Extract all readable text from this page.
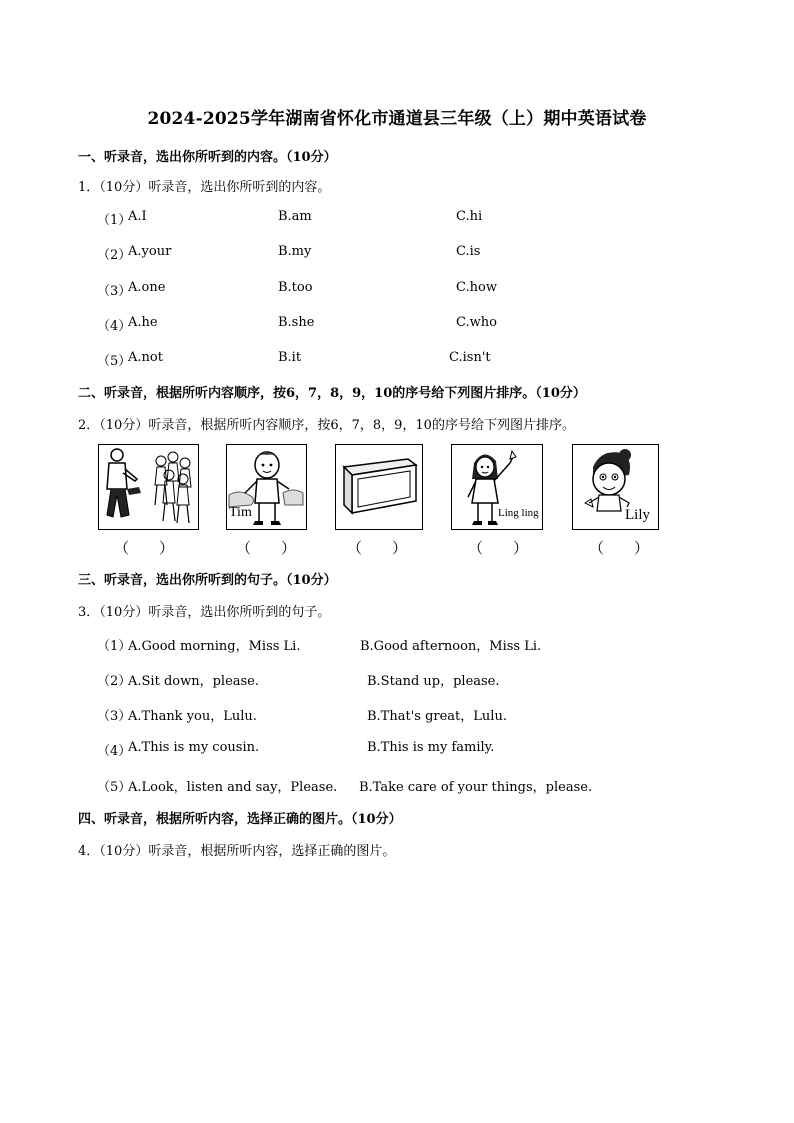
2024-2025学年湖南省怀化市通道县三年级（上）期中英语试卷
一、听录音，选出你所听到的内容。（10分）
1．（10分）听录音，选出你所听到的内容。
（1）
A.I	B.am	C.hi
（2）
A.your	B.my	C.is
（3）
A.one	B.too	C.how
（4）
A.he	B.she	C.who
（5）
A.not	B.it	C.isn't
二、听录音，根据所听内容顺序，按6，7，8，9，10的序号给下列图片排序。（10分）
2．（10分）听录音，根据所听内容顺序，按6，7，8，9，10的序号给下列图片排序。
Tim	Ling ling	Lily
（　　）	（　　）	（　　）	（　　）	（　　）
三、听录音，选出你所听到的句子。（10分）
3．（10分）听录音，选出你所听到的句子。
（1）
A.Good morning，Miss Li.	B.Good afternoon，Miss Li.
（2）
A.Sit down，please.	B.Stand up，please.
（3）
A.Thank you，Lulu.	B.That's great，Lulu.
（4）
A.This is my cousin.	B.This is my family.
（5）
A.Look，listen and say，Please. B.Take care of your things，please.
四、听录音，根据所听内容，选择正确的图片。（10分）
4．（10分）听录音，根据所听内容，选择正确的图片。
